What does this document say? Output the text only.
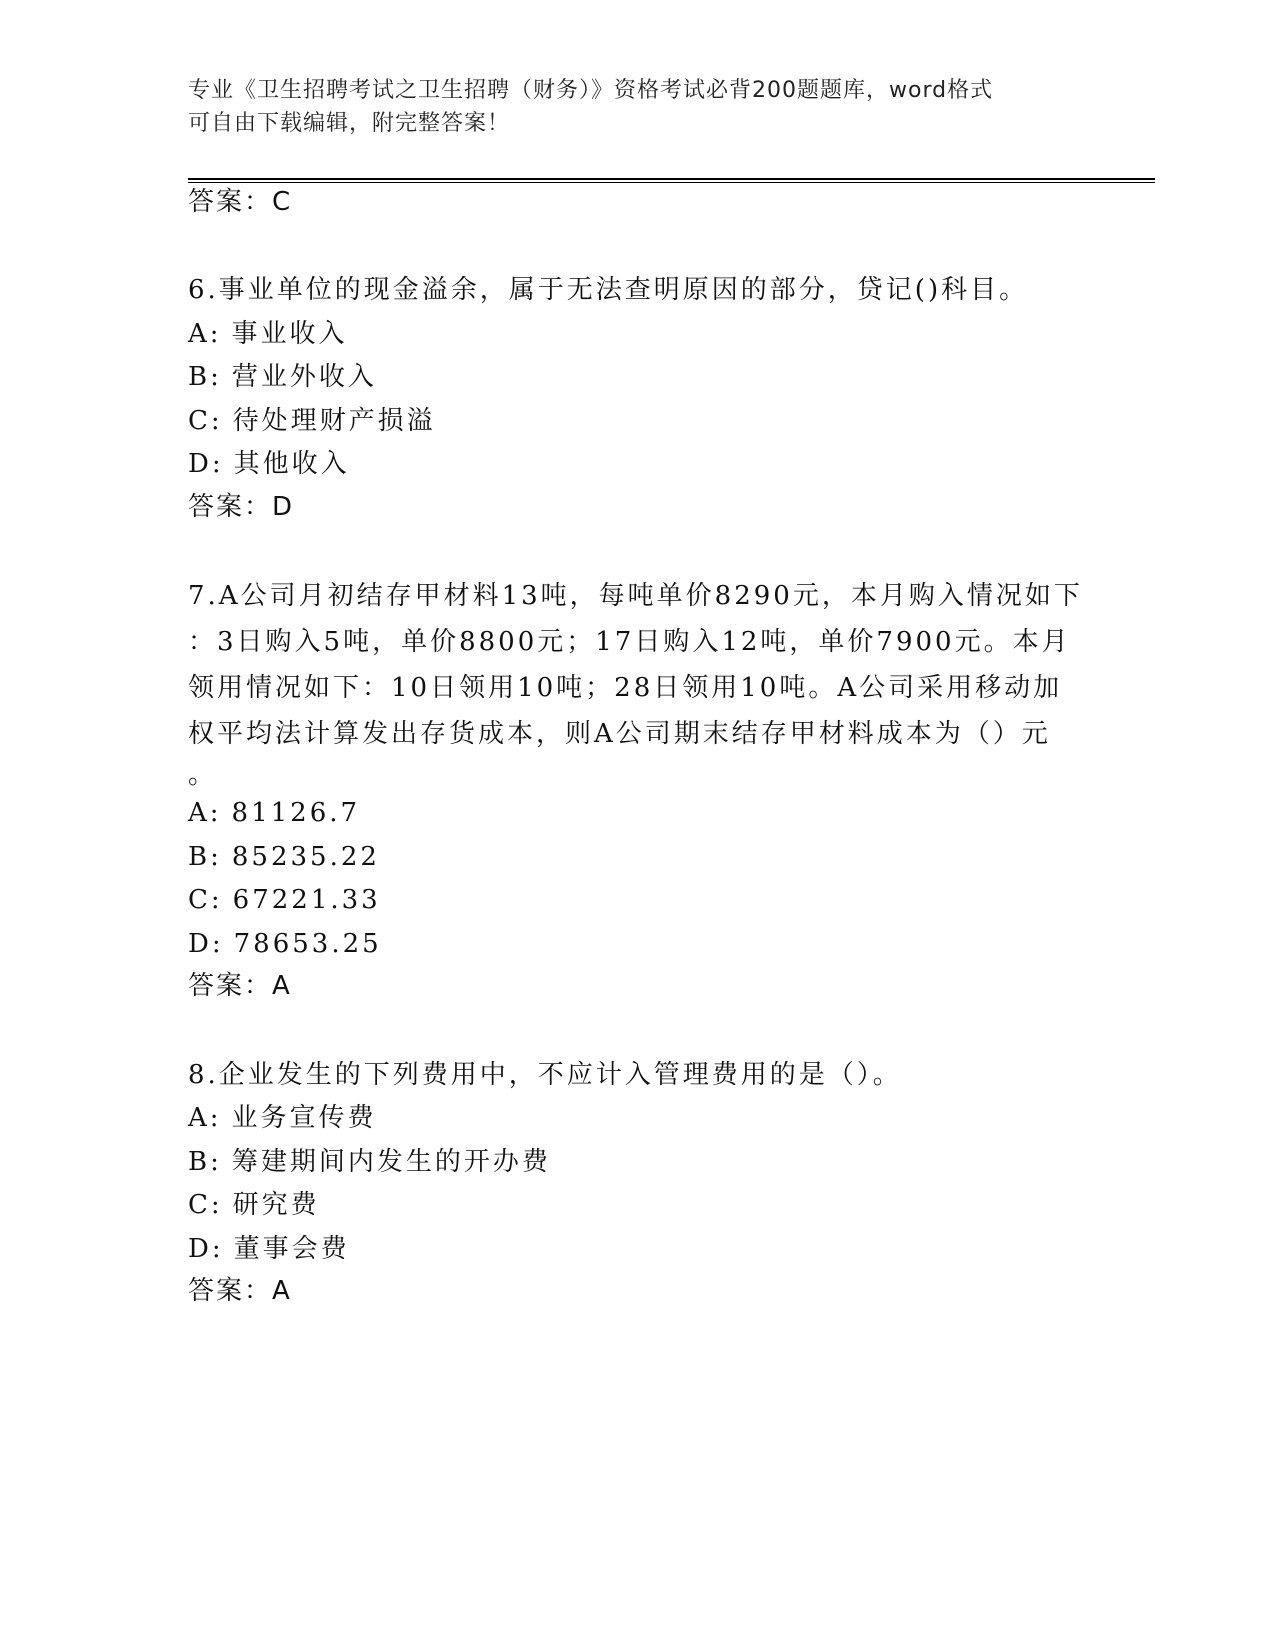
专业《卫生招聘考试之卫生招聘（财务）》资格考试必背200题题库，word格式
可自由下载编辑，附完整答案！
答案：C
6.事业单位的现金溢余，属于无法查明原因的部分，贷记()科目。
A: 事业收入
B: 营业外收入
C: 待处理财产损溢
D: 其他收入
答案：D
7.A公司月初结存甲材料13吨，每吨单价8290元，本月购入情况如下
：3日购入5吨，单价8800元；17日购入12吨，单价7900元。本月
领用情况如下：10日领用10吨；28日领用10吨。A公司采用移动加
权平均法计算发出存货成本，则A公司期末结存甲材料成本为（）元
。
A: 81126.7
B: 85235.22
C: 67221.33
D: 78653.25
答案：A
8.企业发生的下列费用中，不应计入管理费用的是（）。
A: 业务宣传费
B: 筹建期间内发生的开办费
C: 研究费
D: 董事会费
答案：A
